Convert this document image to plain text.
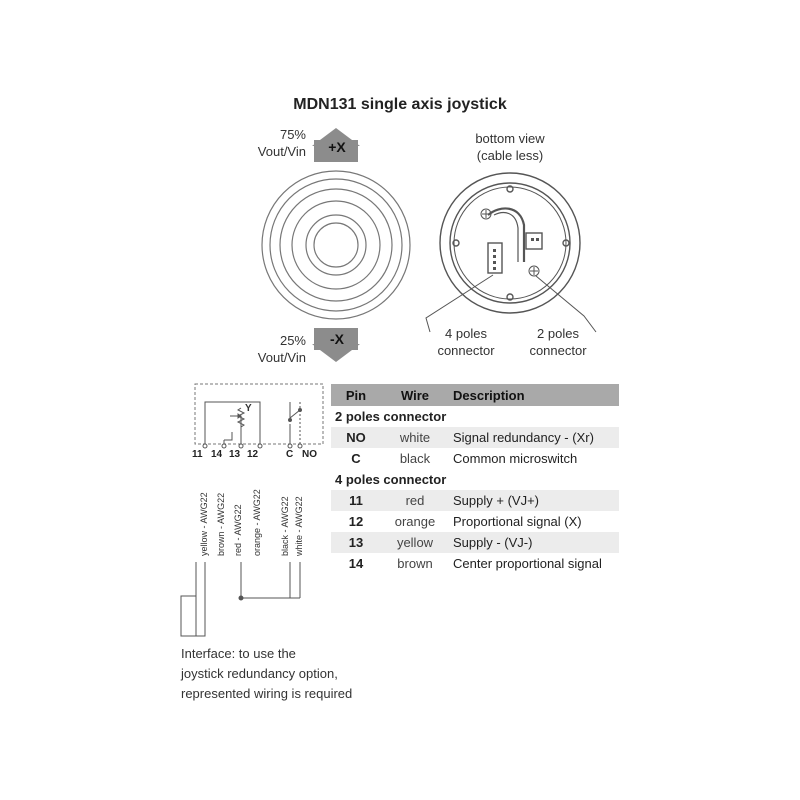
MDN131 single axis joystick
75%
Vout/Vin	+X
25%
Vout/Vin
-X
bottom view
(cable less)
4 poles
connector
2 poles
connector
Y
11 14 13 12	C NO
yellow - AWG22 brown - AWG22 red - AWG22 orange - AWG22 black - AWG22 white - AWG22
Pin	Wire	Description
2 poles connector		
NO	white	Signal redundancy - (Xr)
C	black	Common microswitch
4 poles connector		
11	red	Supply + (VJ+)
12	orange	Proportional signal (X)
13	yellow	Supply - (VJ-)
14	brown	Center proportional signal
Interface: to use the
joystick redundancy option,
represented wiring is required
